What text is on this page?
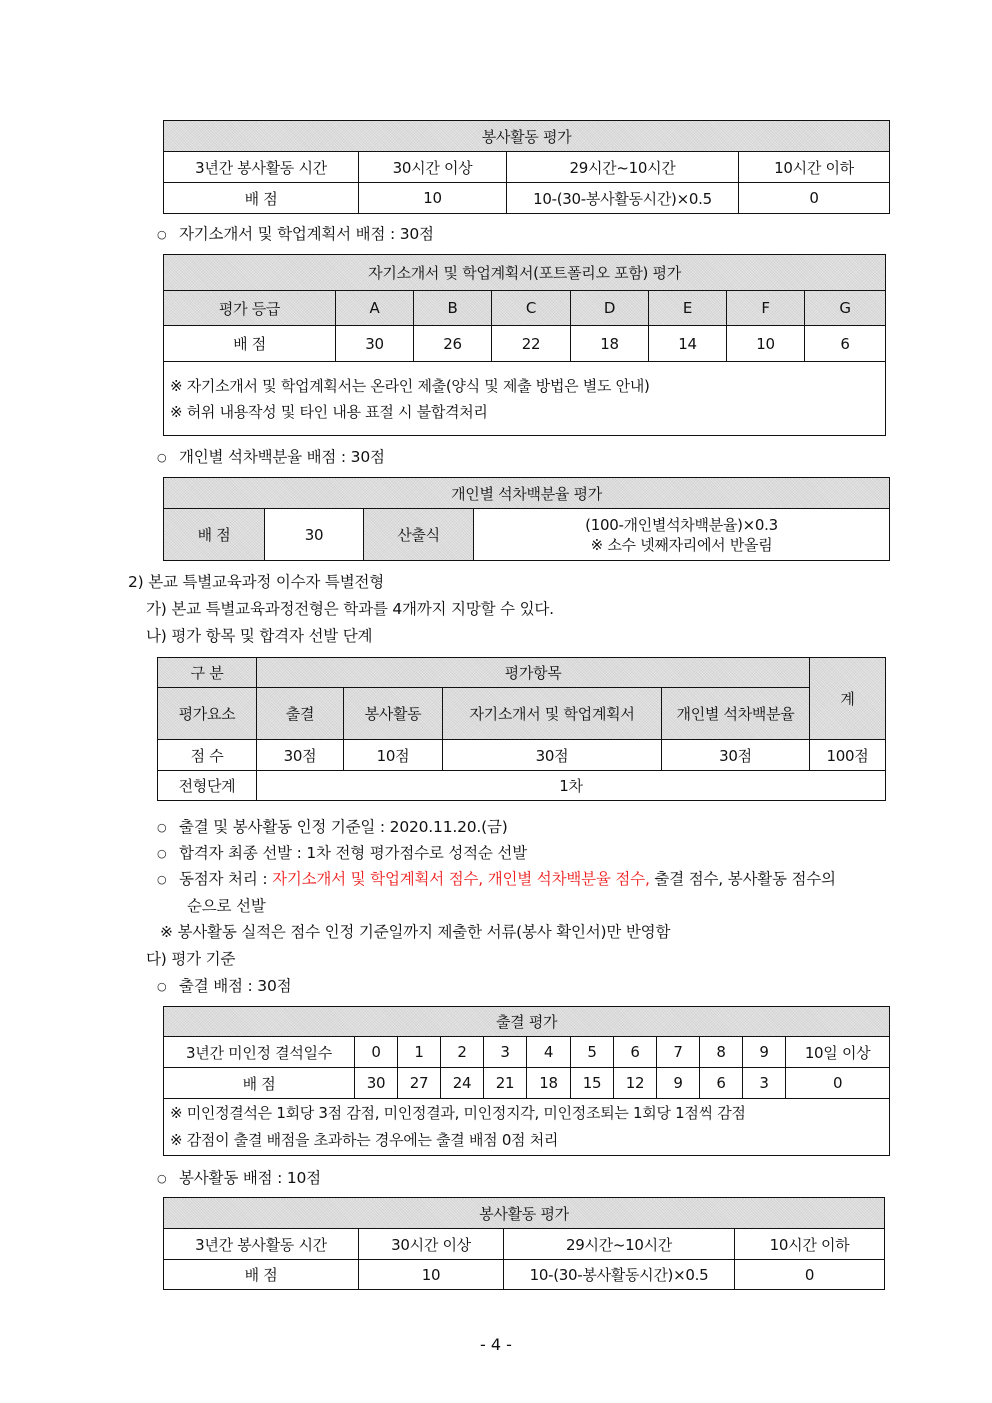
봉사활동 평가			
3년간 봉사활동 시간	30시간 이상	29시간~10시간	10시간 이하
배 점	10	10-(30-봉사활동시간)×0.5	0
○ 자기소개서 및 학업계획서 배점 : 30점
자기소개서 및 학업계획서(포트폴리오 포함) 평가							
평가 등급	A	B	C	D	E	F	G
배 점	30	26	22	18	14	10	6

※ 자기소개서 및 학업계획서는 온라인 제출(양식 및 제출 방법은 별도 안내)
※ 허위 내용작성 및 타인 내용 표절 시 불합격처리							
○ 개인별 석차백분율 배점 : 30점
개인별 석차백분율 평가
배 점	30	산출식	
(100-개인별석차백분율)×0.3
※ 소수 넷째자리에서 반올림
2) 본교 특별교육과정 이수자 특별전형
가) 본교 특별교육과정전형은 학과를 4개까지 지망할 수 있다.
나) 평가 항목 및 합격자 선발 단계
구 분	평가항목				계
평가요소	출결	봉사활동	자기소개서 및 학업계획서	개인별 석차백분율	
점 수	30점	10점	30점	30점	100점
전형단계	1차				
○ 출결 및 봉사활동 인정 기준일 : 2020.11.20.(금)
○ 합격자 최종 선발 : 1차 전형 평가점수로 성적순 선발
○ 동점자 처리 : 자기소개서 및 학업계획서 점수, 개인별 석차백분율 점수, 출결 점수, 봉사활동 점수의
순으로 선발
※ 봉사활동 실적은 점수 인정 기준일까지 제출한 서류(봉사 확인서)만 반영함
다) 평가 기준
○ 출결 배점 : 30점
출결 평가											
3년간 미인정 결석일수	0	1	2	3	4	5	6	7	8	9	10일 이상
배 점	30	27	24	21	18	15	12	9	6	3	0

※ 미인정결석은 1회당 3점 감점, 미인정결과, 미인정지각, 미인정조퇴는 1회당 1점씩 감점
※ 감점이 출결 배점을 초과하는 경우에는 출결 배점 0점 처리											
○ 봉사활동 배점 : 10점
봉사활동 평가			
3년간 봉사활동 시간	30시간 이상	29시간~10시간	10시간 이하
배 점	10	10-(30-봉사활동시간)×0.5	0
- 4 -
